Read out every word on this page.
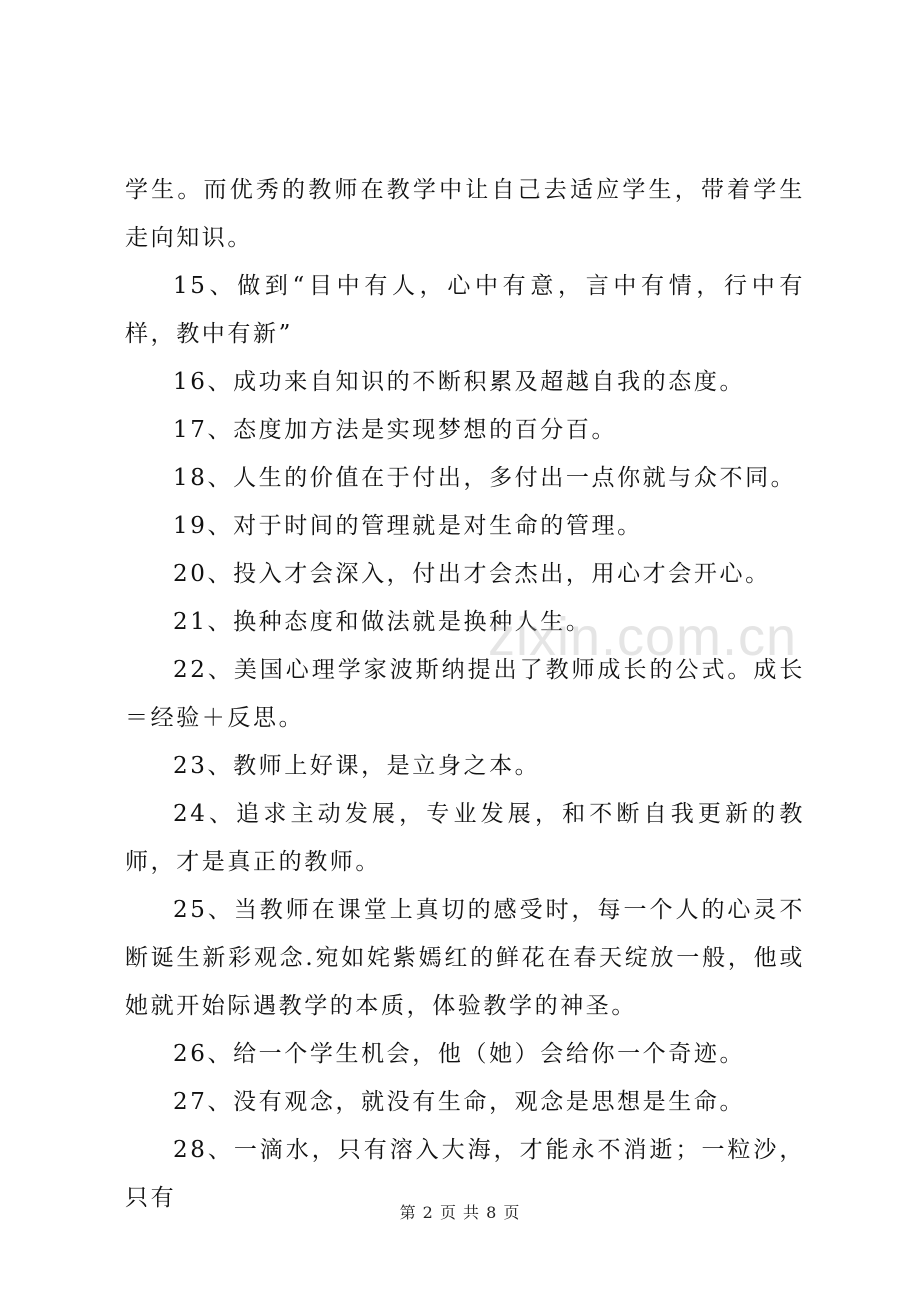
学生。而优秀的教师在教学中让自己去适应学生，带着学生走向知识。

15、做到“目中有人，心中有意，言中有情，行中有样，教中有新”

16、成功来自知识的不断积累及超越自我的态度。

17、态度加方法是实现梦想的百分百。

18、人生的价值在于付出，多付出一点你就与众不同。

19、对于时间的管理就是对生命的管理。

20、投入才会深入，付出才会杰出，用心才会开心。

21、换种态度和做法就是换种人生。

22、美国心理学家波斯纳提出了教师成长的公式。成长＝经验＋反思。

23、教师上好课，是立身之本。

24、追求主动发展，专业发展，和不断自我更新的教师，才是真正的教师。

25、当教师在课堂上真切的感受时，每一个人的心灵不断诞生新彩观念.宛如姹紫嫣红的鲜花在春天绽放一般，他或她就开始际遇教学的本质，体验教学的神圣。

26、给一个学生机会，他（她）会给你一个奇迹。

27、没有观念，就没有生命，观念是思想是生命。

28、一滴水，只有溶入大海，才能永不消逝；一粒沙，只有

zixin.com.cn
第 2 页 共 8 页
